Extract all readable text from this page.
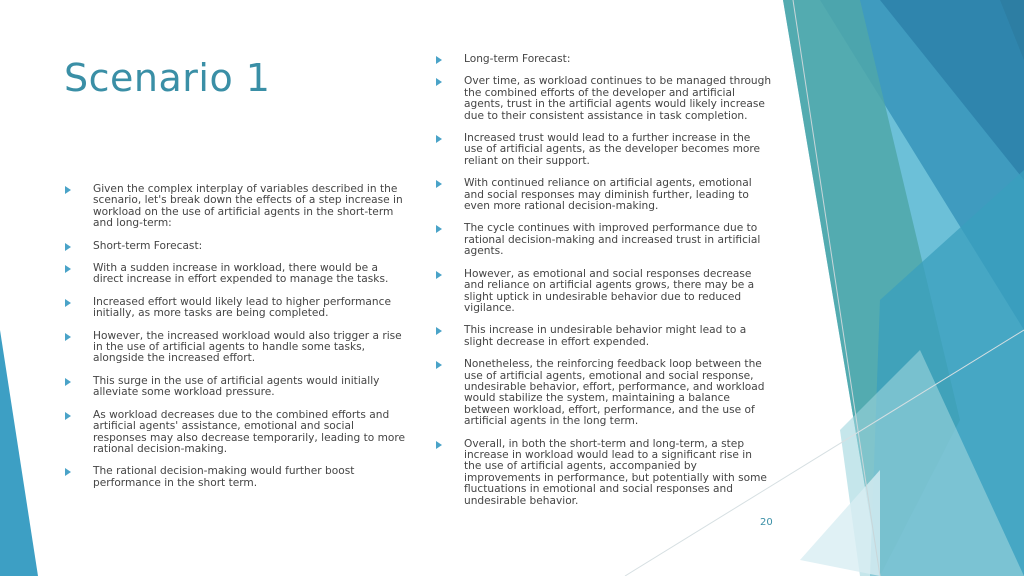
Scenario 1
Given the complex interplay of variables described in the scenario, let's break down the effects of a step increase in workload on the use of artificial agents in the short-term and long-term:
Short-term Forecast:
With a sudden increase in workload, there would be a direct increase in effort expended to manage the tasks.
Increased effort would likely lead to higher performance initially, as more tasks are being completed.
However, the increased workload would also trigger a rise in the use of artificial agents to handle some tasks, alongside the increased effort.
This surge in the use of artificial agents would initially alleviate some workload pressure.
As workload decreases due to the combined efforts and artificial agents' assistance, emotional and social responses may also decrease temporarily, leading to more rational decision-making.
The rational decision-making would further boost performance in the short term.
Long-term Forecast:
Over time, as workload continues to be managed through the combined efforts of the developer and artificial agents, trust in the artificial agents would likely increase due to their consistent assistance in task completion.
Increased trust would lead to a further increase in the use of artificial agents, as the developer becomes more reliant on their support.
With continued reliance on artificial agents, emotional and social responses may diminish further, leading to even more rational decision-making.
The cycle continues with improved performance due to rational decision-making and increased trust in artificial agents.
However, as emotional and social responses decrease and reliance on artificial agents grows, there may be a slight uptick in undesirable behavior due to reduced vigilance.
This increase in undesirable behavior might lead to a slight decrease in effort expended.
Nonetheless, the reinforcing feedback loop between the use of artificial agents, emotional and social response, undesirable behavior, effort, performance, and workload would stabilize the system, maintaining a balance between workload, effort, performance, and the use of artificial agents in the long term.
Overall, in both the short-term and long-term, a step increase in workload would lead to a significant rise in the use of artificial agents, accompanied by improvements in performance, but potentially with some fluctuations in emotional and social responses and undesirable behavior.
20
